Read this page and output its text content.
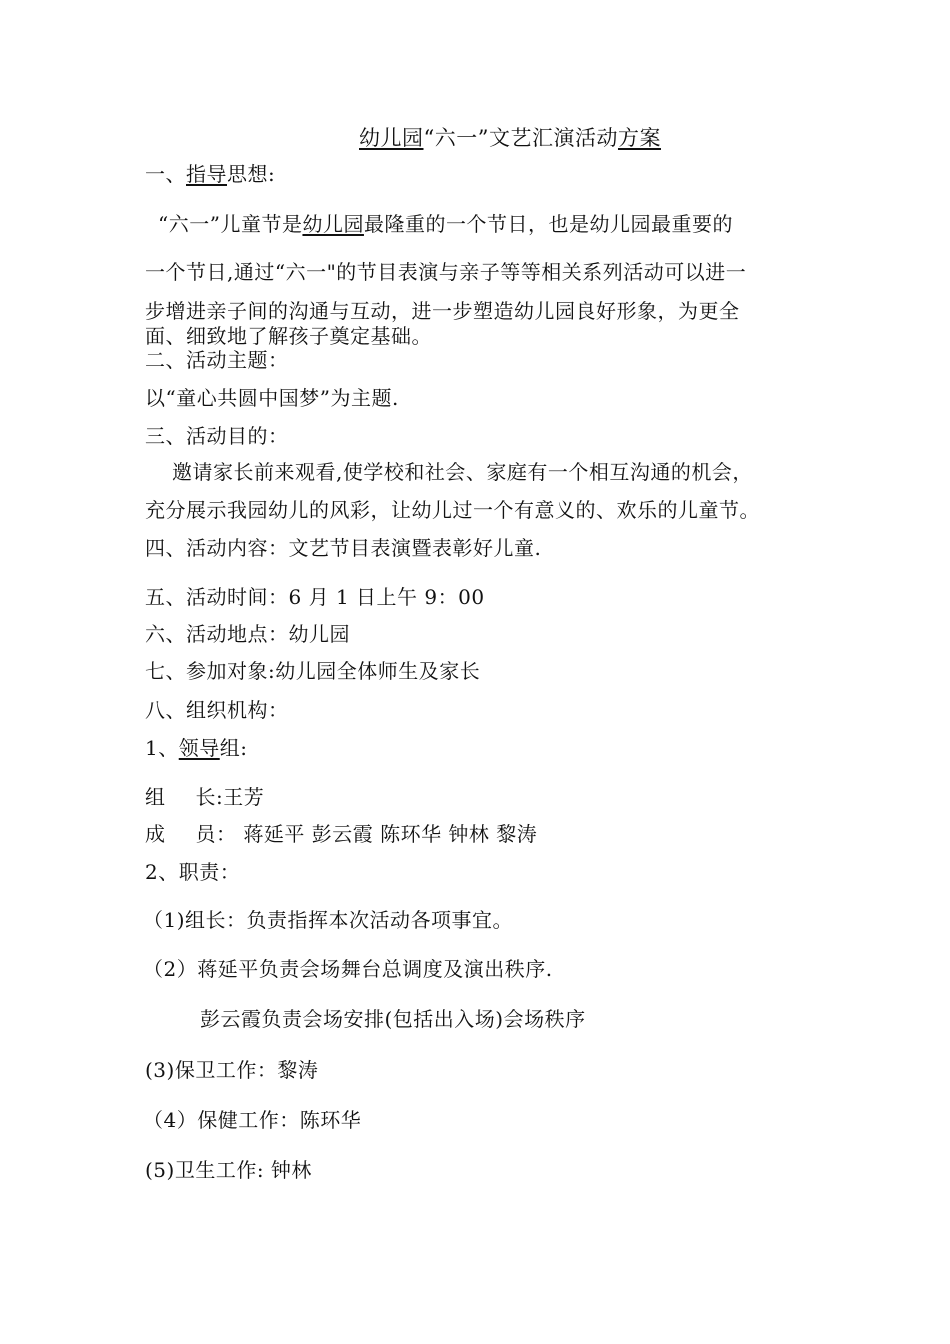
幼儿园“六一”文艺汇演活动方案

一、指导思想:

“六一”儿童节是幼儿园最隆重的一个节日，也是幼儿园最重要的

一个节日,通过“六一"的节目表演与亲子等等相关系列活动可以进一

步增进亲子间的沟通与互动，进一步塑造幼儿园良好形象，为更全

面、细致地了解孩子奠定基础。

二、活动主题：

以“童心共圆中国梦”为主题.

三、活动目的：

邀请家长前来观看,使学校和社会、家庭有一个相互沟通的机会，

充分展示我园幼儿的风彩，让幼儿过一个有意义的、欢乐的儿童节。

四、活动内容：文艺节目表演暨表彰好儿童.

五、活动时间：6 月 1 日上午 9：00

六、活动地点：幼儿园

七、参加对象:幼儿园全体师生及家长

八、组织机构：

1、领导组:

组 长:王芳

成 员： 蒋延平 彭云霞 陈环华 钟林 黎涛

2、职责：

（1)组长：负责指挥本次活动各项事宜。

（2）蒋延平负责会场舞台总调度及演出秩序.

彭云霞负责会场安排(包括出入场)会场秩序

(3)保卫工作：黎涛

（4）保健工作：陈环华

(5)卫生工作: 钟林
